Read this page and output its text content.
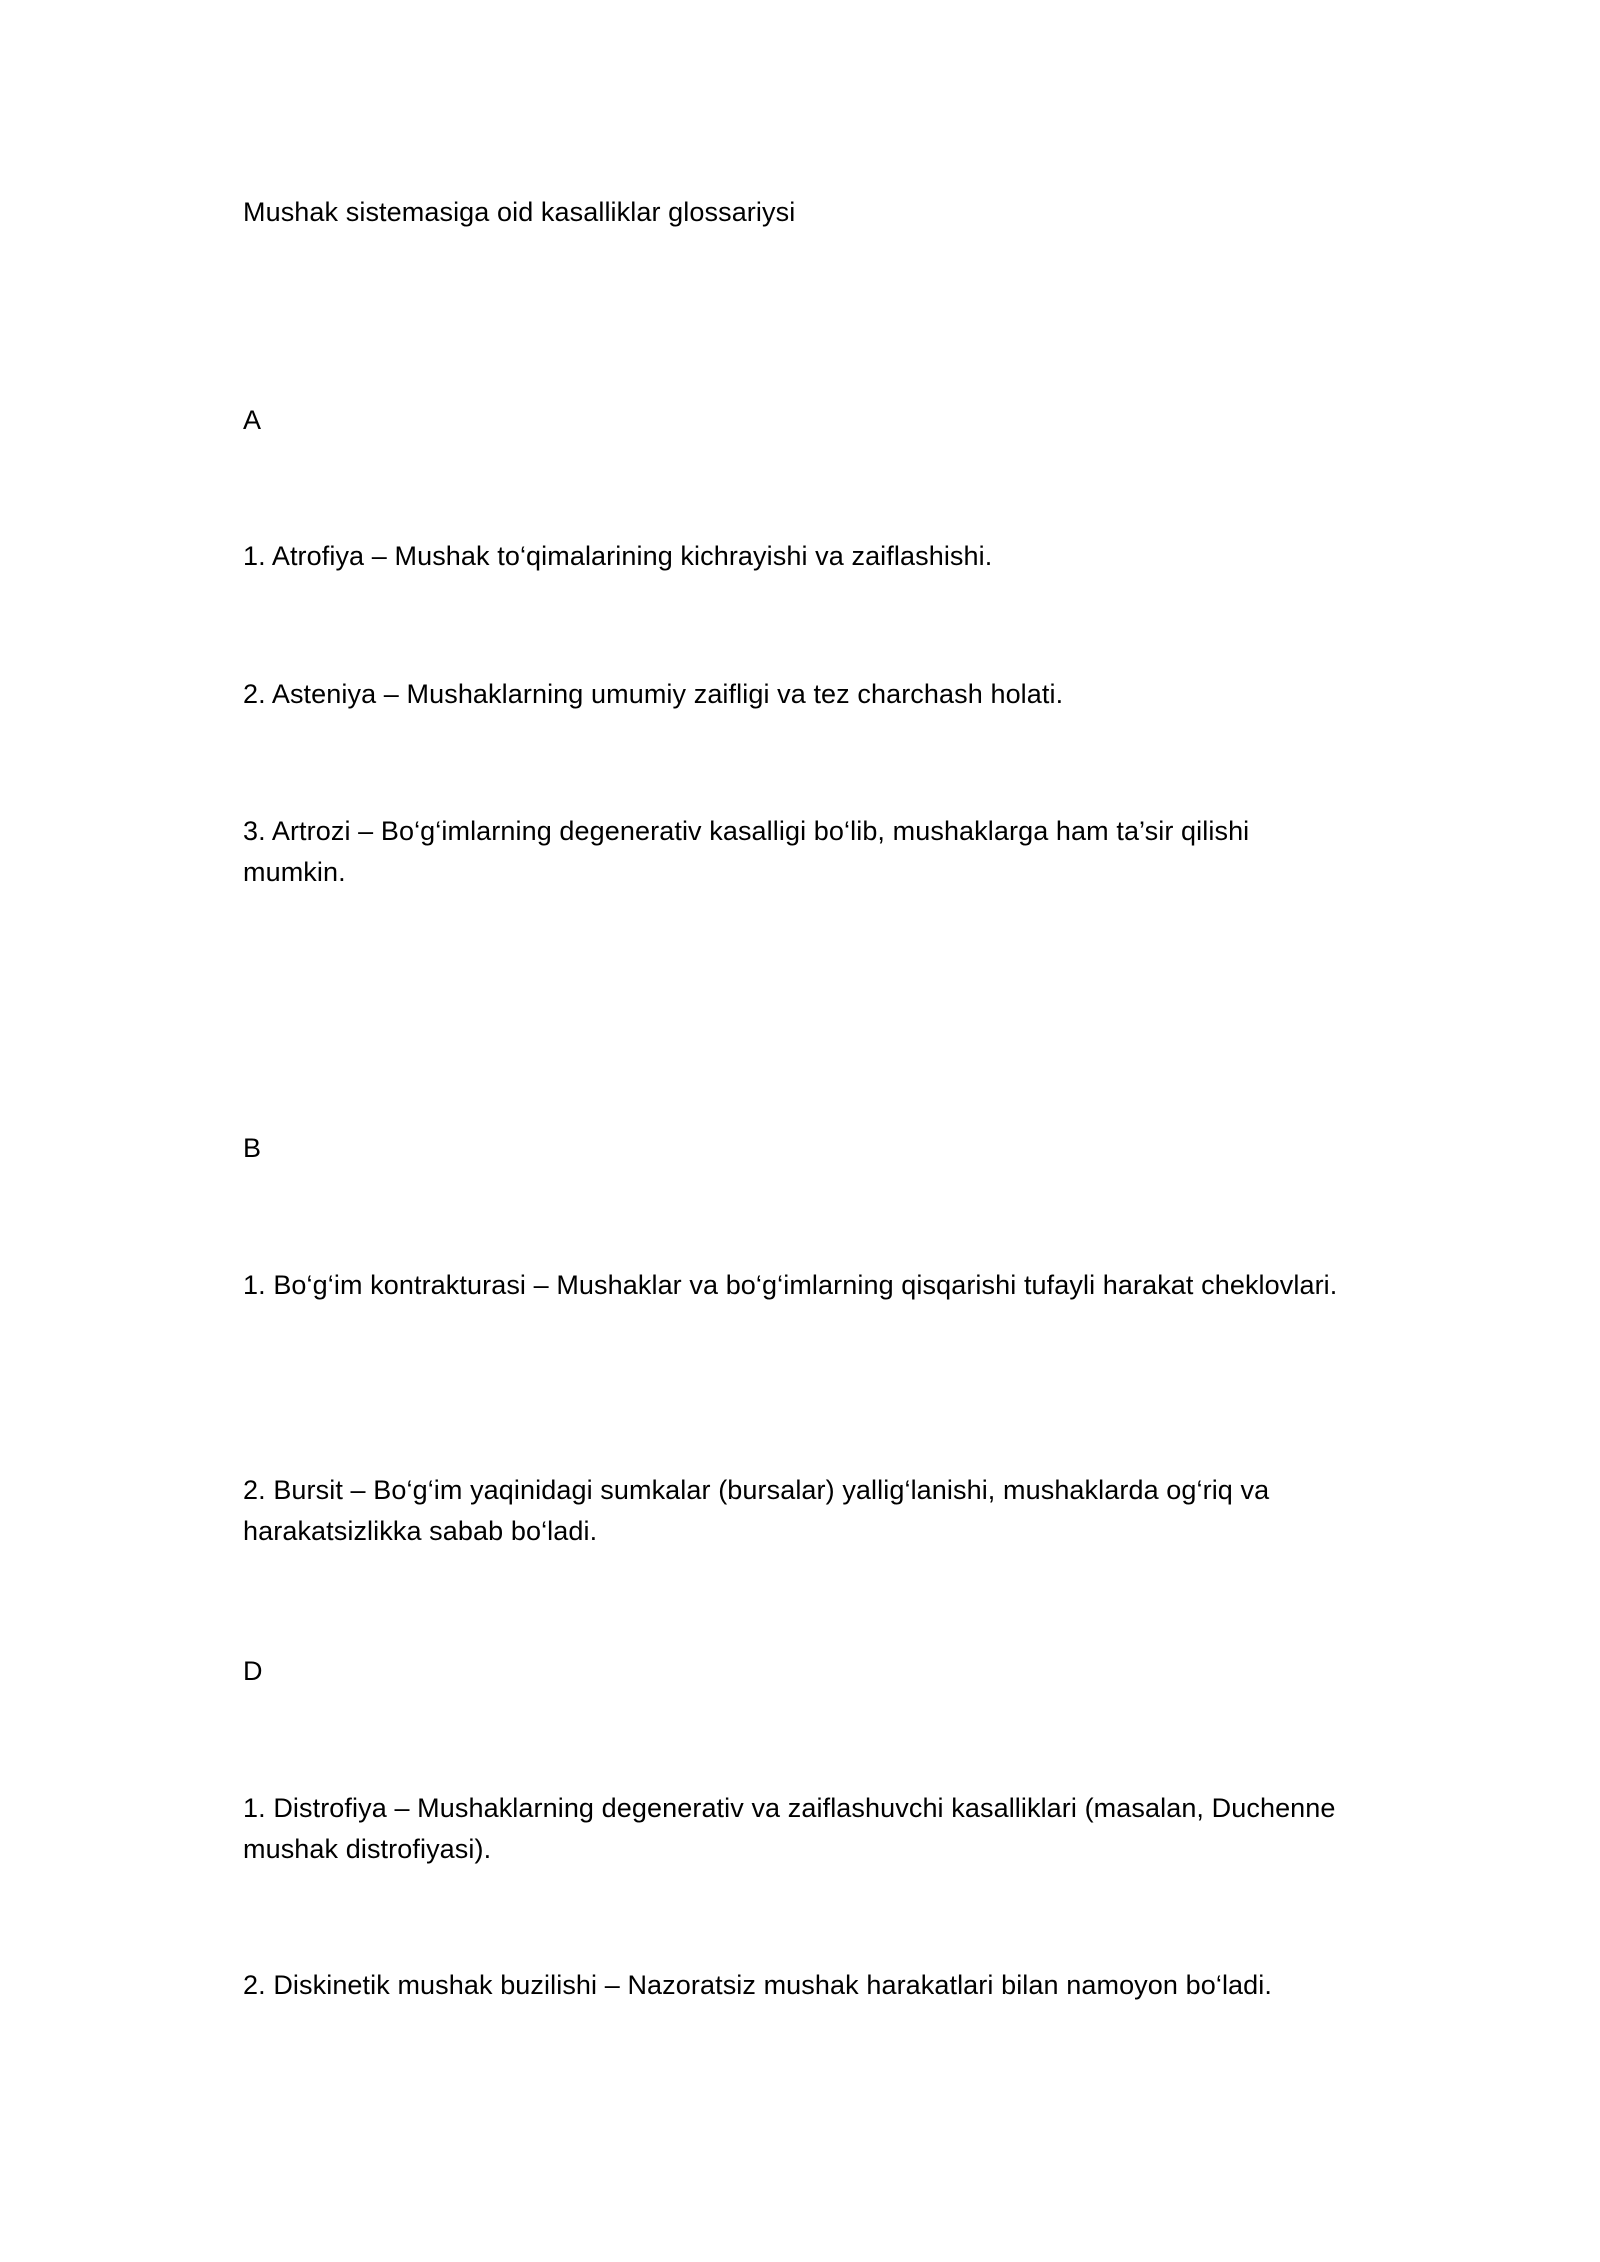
Mushak sistemasiga oid kasalliklar glossariysi

A

1. Atrofiya – Mushak to‘qimalarining kichrayishi va zaiflashishi.

2. Asteniya – Mushaklarning umumiy zaifligi va tez charchash holati.

3. Artrozi – Bo‘g‘imlarning degenerativ kasalligi bo‘lib, mushaklarga ham ta’sir qilishi mumkin.

B

1. Bo‘g‘im kontrakturasi – Mushaklar va bo‘g‘imlarning qisqarishi tufayli harakat cheklovlari.

2. Bursit – Bo‘g‘im yaqinidagi sumkalar (bursalar) yallig‘lanishi, mushaklarda og‘riq va harakatsizlikka sabab bo‘ladi.

D

1. Distrofiya – Mushaklarning degenerativ va zaiflashuvchi kasalliklari (masalan, Duchenne mushak distrofiyasi).

2. Diskinetik mushak buzilishi – Nazoratsiz mushak harakatlari bilan namoyon bo‘ladi.
